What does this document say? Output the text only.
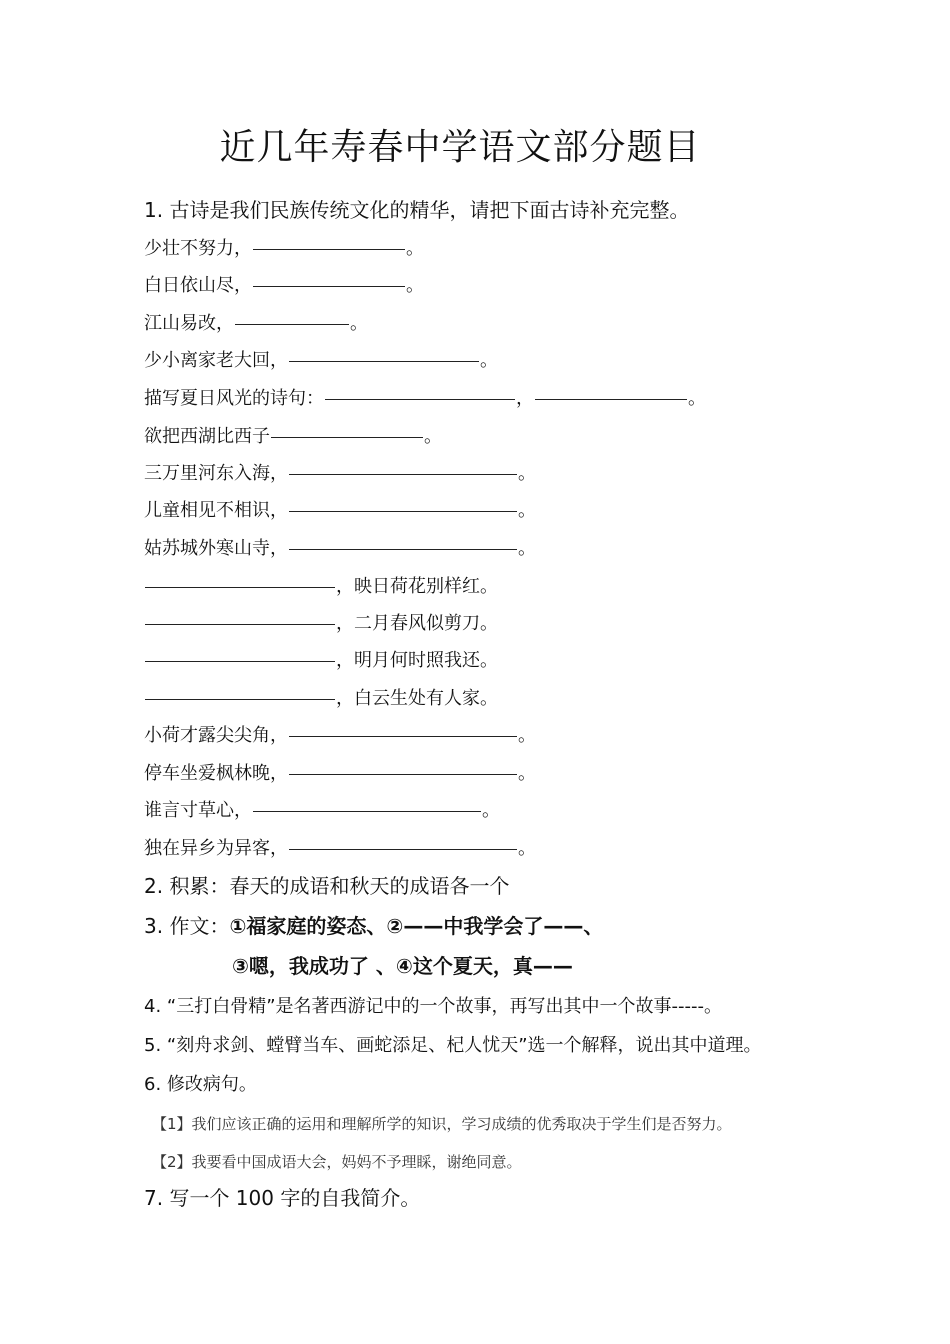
近几年寿春中学语文部分题目
1. 古诗是我们民族传统文化的精华，请把下面古诗补充完整。
少壮不努力，	。
白日依山尽，	。
江山易改，	。
少小离家老大回，	。
描写夏日风光的诗句：	，	。
欲把西湖比西子	。
三万里河东入海，	。
儿童相见不相识，	。
姑苏城外寒山寺，	。
，映日荷花别样红。
，二月春风似剪刀。
，明月何时照我还。
，白云生处有人家。
小荷才露尖尖角，	。
停车坐爱枫林晚，	。
谁言寸草心，	。
独在异乡为异客，	。
2. 积累：春天的成语和秋天的成语各一个
3. 作文：①福家庭的姿态、②——中我学会了——、
③嗯，我成功了 、④这个夏天，真——
4. “三打白骨精”是名著西游记中的一个故事，再写出其中一个故事-----。
5. “刻舟求剑、螳臂当车、画蛇添足、杞人忧天”选一个解释，说出其中道理。
6. 修改病句。
【1】我们应该正确的运用和理解所学的知识，学习成绩的优秀取决于学生们是否努力。
【2】我要看中国成语大会，妈妈不予理睬，谢绝同意。
7. 写一个 100 字的自我简介。
